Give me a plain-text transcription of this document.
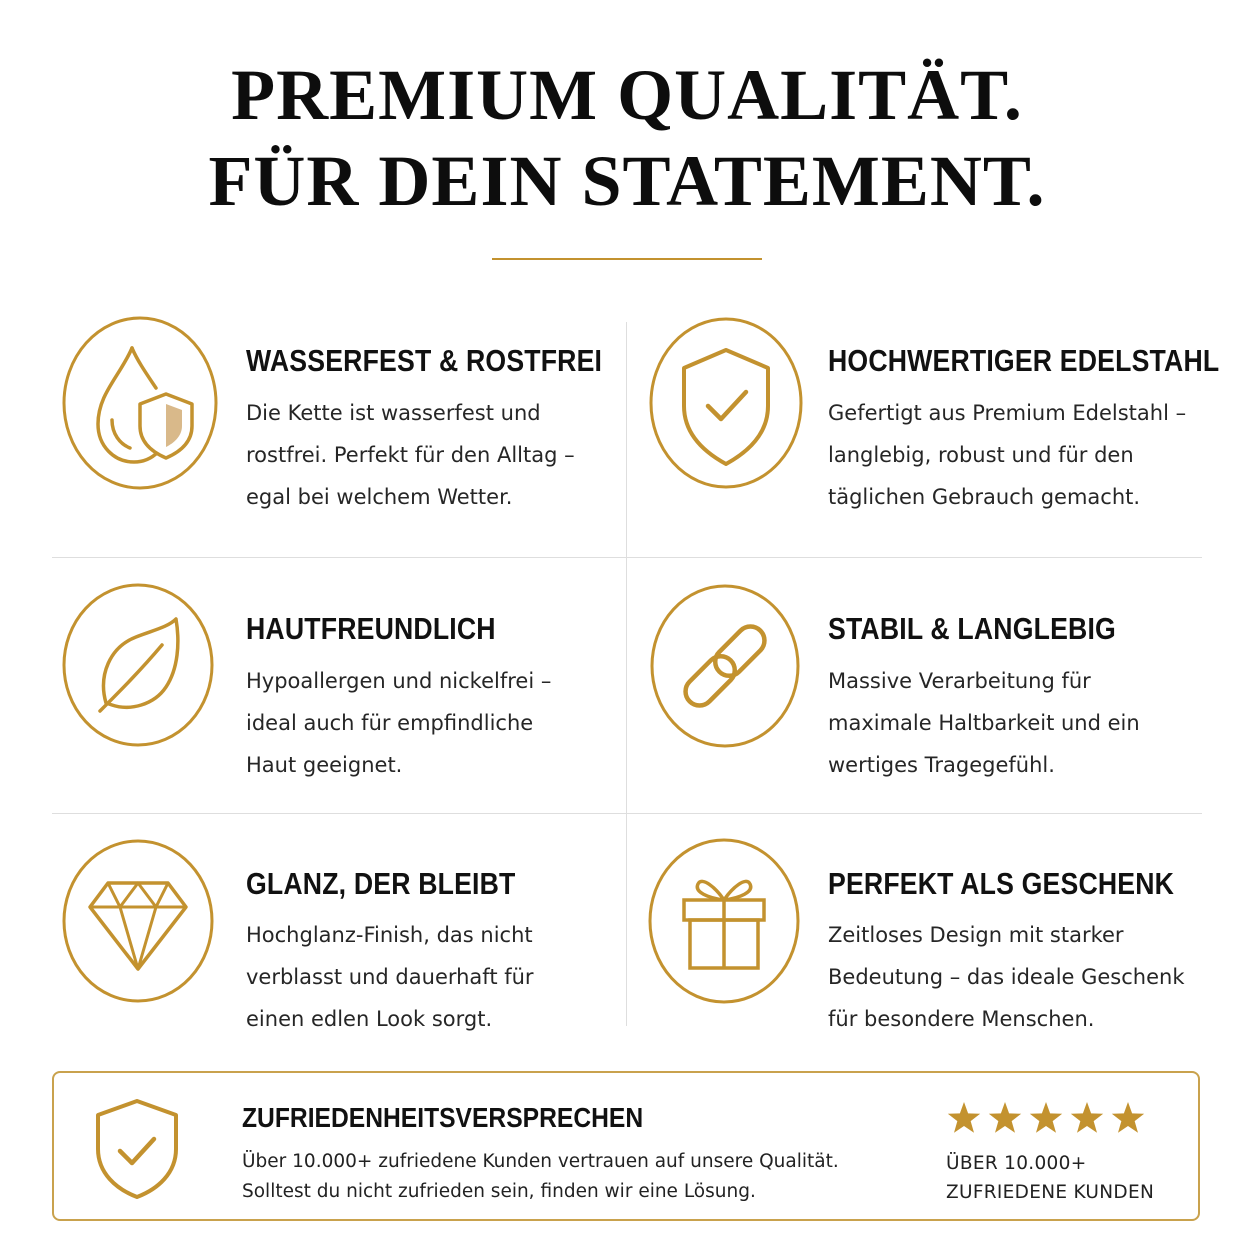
PREMIUM QUALITÄT.
FÜR DEIN STATEMENT.
WASSERFEST & ROSTFREI
Die Kette ist wasserfest und
rostfrei. Perfekt für den Alltag –
egal bei welchem Wetter.
HOCHWERTIGER EDELSTAHL
Gefertigt aus Premium Edelstahl –
langlebig, robust und für den
täglichen Gebrauch gemacht.
HAUTFREUNDLICH
Hypoallergen und nickelfrei –
ideal auch für empfindliche
Haut geeignet.
STABIL & LANGLEBIG
Massive Verarbeitung für
maximale Haltbarkeit und ein
wertiges Tragegefühl.
GLANZ, DER BLEIBT
Hochglanz-Finish, das nicht
verblasst und dauerhaft für
einen edlen Look sorgt.
PERFEKT ALS GESCHENK
Zeitloses Design mit starker
Bedeutung – das ideale Geschenk
für besondere Menschen.
ZUFRIEDENHEITSVERSPRECHEN
Über 10.000+ zufriedene Kunden vertrauen auf unsere Qualität.
Solltest du nicht zufrieden sein, finden wir eine Lösung.
ÜBER 10.000+
ZUFRIEDENE KUNDEN
